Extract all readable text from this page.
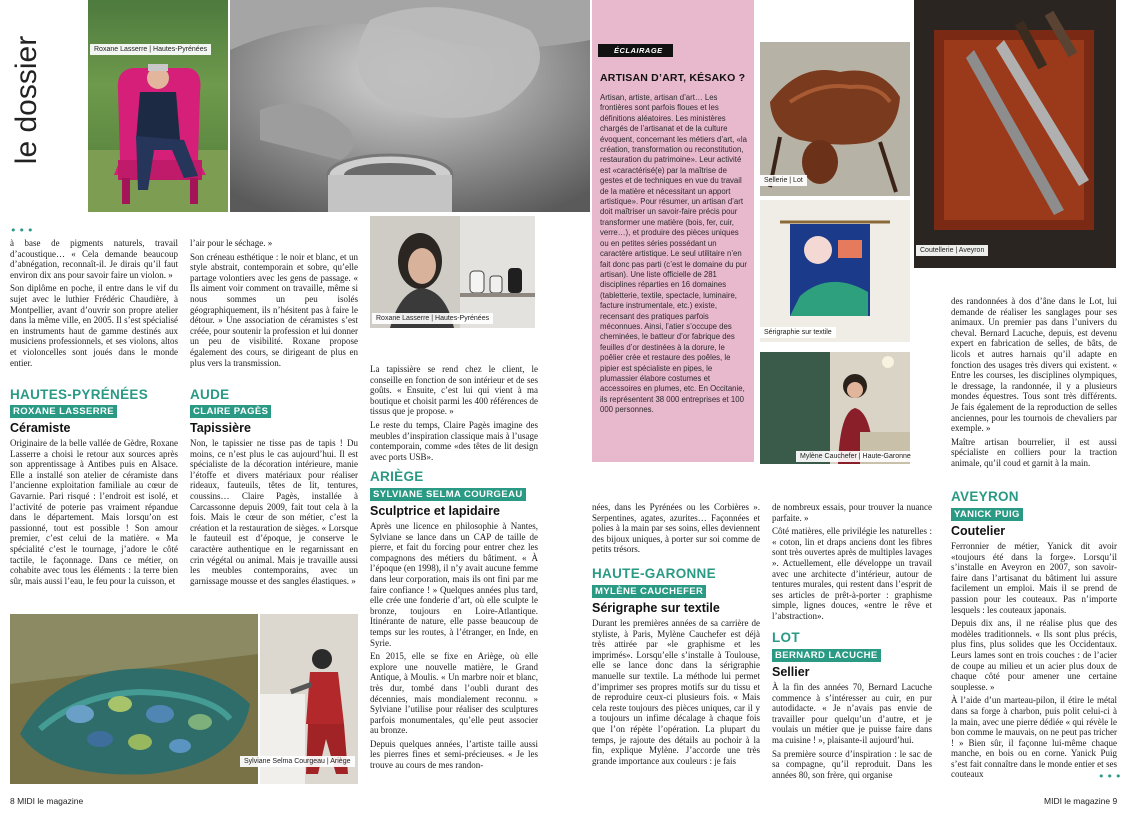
le dossier	Roxane Lasserre | Hautes-Pyrénées
•••

à base de pigments naturels, travail d’acoustique… « Cela demande beaucoup d’abnégation, reconnaît-il. Je dirais qu’il faut environ dix ans pour savoir faire un violon. »

Son diplôme en poche, il entre dans le vif du sujet avec le luthier Frédéric Chaudière, à Montpellier, avant d’ouvrir son propre atelier dans la même ville, en 2005. Il s’est spécialisé en instruments haut de gamme destinés aux musiciens professionnels, et ses violons, altos et violoncelles sont joués dans le monde entier.

HAUTES-PYRÉNÉES
ROXANE LASSERRE
Céramiste
Originaire de la belle vallée de Gèdre, Roxane Lasserre a choisi le retour aux sources après son apprentissage à Antibes puis en Alsace. Elle a installé son atelier de céramiste dans l’ancienne exploitation familiale au cœur de Gavarnie. Pari risqué : l’endroit est isolé, et l’activité de poterie pas vraiment répandue dans le département. Mais lorsqu’on est passionné, tout est possible ! Son amour premier, c’est celui de la matière. « Ma spécialité c’est le tournage, j’adore le côté tactile, le façonnage. Dans ce métier, on cohabite avec tous les éléments : la terre bien sûr, mais aussi l’eau, le feu pour la cuisson, et

l’air pour le séchage. »

Son créneau esthétique : le noir et blanc, et un style abstrait, contemporain et sobre, qu’elle partage volontiers avec les gens de passage. « Ils aiment voir comment on travaille, même si nous sommes un peu isolés géographiquement, ils n’hésitent pas à faire le détour. » Une association de céramistes s’est créée, pour soutenir la profession et lui donner un peu de visibilité. Roxane propose également des cours, se dirigeant de plus en plus vers la transmission.

AUDE
CLAIRE PAGÈS
Tapissière
Non, le tapissier ne tisse pas de tapis ! Du moins, ce n’est plus le cas aujourd’hui. Il est spécialiste de la décoration intérieure, manie l’étoffe et divers matériaux pour réaliser rideaux, fauteuils, têtes de lit, tentures, coussins… Claire Pagès, installée à Carcassonne depuis 2009, fait tout cela à la fois. Mais le cœur de son métier, c’est la création et la restauration de sièges. « Lorsque le fauteuil est d’époque, je conserve le caractère authentique en le regarnissant en crin végétal ou animal. Mais je travaille aussi les meubles contemporains, avec un garnissage mousse et des sangles élastiques. »
Roxane Lasserre | Hautes-Pyrénées

La tapissière se rend chez le client, le conseille en fonction de son intérieur et de ses goûts. « Ensuite, c’est lui qui vient à ma boutique et choisit parmi les 400 références de tissus que je propose. »

Le reste du temps, Claire Pagès imagine des meubles d’inspiration classique mais à l’usage contemporain, comme «des têtes de lit design avec ports USB».

ARIÈGE
SYLVIANE SELMA COURGEAU
Sculptrice et lapidaire

Après une licence en philosophie à Nantes, Sylviane se lance dans un CAP de taille de pierre, et fait du forcing pour entrer chez les compagnons des métiers du bâtiment. « À l’époque (en 1998), il n’y avait aucune femme dans leur corporation, mais ils ont fini par me faire confiance ! » Quelques années plus tard, elle crée une fonderie d’art, où elle sculpte le bronze, toujours en Loire-Atlantique. Itinérante de nature, elle passe beaucoup de temps sur les routes, à l’étranger, en Inde, en Syrie.

En 2015, elle se fixe en Ariège, où elle explore une nouvelle matière, le Grand Antique, à Moulis. « Un marbre noir et blanc, très dur, tombé dans l’oubli durant des décennies, mais mondialement reconnu. » Sylviane l’utilise pour réaliser des sculptures parfois monumentales, qu’elle peut associer au bronze.

Depuis quelques années, l’artiste taille aussi les pierres fines et semi-précieuses. « Je les trouve au cours de mes randon-

Sylviane Selma Courgeau | Ariège
8 MIDI le magazine
ÉCLAIRAGE
ARTISAN D’ART, KÉSAKO ?
Artisan, artiste, artisan d’art… Les frontières sont parfois floues et les définitions aléatoires. Les ministères chargés de l’artisanat et de la culture évoquent, concernant les métiers d’art, «la création, transformation ou reconstitution, restauration du patrimoine». Leur activité est «caractérisé(e) par la maîtrise de gestes et de techniques en vue du travail de la matière et nécessitant un apport artistique». Pour résumer, un artisan d’art doit maîtriser un savoir-faire précis pour transformer une matière (bois, fer, cuir, verre…), et produire des pièces uniques ou en petites séries possédant un caractère artistique. Le seul utilitaire n’en fait donc pas parti (c’est le domaine du pur artisan). Une liste officielle de 281 disciplines réparties en 16 domaines (tabletterie, textile, spectacle, luminaire, facture instrumentale, etc.) existe, recensant des pratiques parfois méconnues. Ainsi, l’atier s’occupe des cheminées, le batteur d’or fabrique des feuilles d’or destinées à la dorure, le poêlier crée et restaure des poêles, le pipier est spécialiste en pipes, le plumassier élabore costumes et accessoires en plumes, etc. En Occitanie, ils représentent 38 000 entreprises et 100 000 personnes.
Sellerie | Lot
Coutellerie | Aveyron
Sérigraphie sur textile
Mylène Cauchefer | Haute-Garonne
nées, dans les Pyrénées ou les Corbières ». Serpentines, agates, azurites… Façonnées et polies à la main par ses soins, elles deviennent des bijoux uniques, à porter sur soi comme de petits trésors.
HAUTE-GARONNE
MYLÈNE CAUCHEFER
Sérigraphe sur textile
Durant les premières années de sa carrière de styliste, à Paris, Mylène Cauchefer est déjà très attirée par «le graphisme et les imprimés». Lorsqu’elle s’installe à Toulouse, elle se lance donc dans la sérigraphie manuelle sur textile. La méthode lui permet d’imprimer ses propres motifs sur du tissu et de reproduire ceux-ci plusieurs fois. « Mais cela reste toujours des pièces uniques, car il y a toujours un infime décalage à chaque fois que l’on répète l’opération. La plupart du temps, je rajoute des détails au pochoir à la fin, explique Mylène. J’accorde une très grande importance aux couleurs : je fais

de nombreux essais, pour trouver la nuance parfaite. »

Côté matières, elle privilégie les naturelles : « coton, lin et draps anciens dont les fibres sont très ouvertes après de multiples lavages ». Actuellement, elle développe un travail avec une architecte d’intérieur, autour de tentures murales, qui restent dans l’esprit de ses articles de prêt-à-porter : graphisme simple, lignes douces, «entre le rêve et l’abstraction».

LOT
BERNARD LACUCHE
Sellier

À la fin des années 70, Bernard Lacuche commence à s’intéresser au cuir, en pur autodidacte. « Je n’avais pas envie de travailler pour quelqu’un d’autre, et je voulais un métier que je puisse faire dans ma cuisine ! », plaisante-il aujourd’hui.

Sa première source d’inspiration : le sac de sa compagne, qu’il reproduit. Dans les années 80, son frère, qui organise

des randonnées à dos d’âne dans le Lot, lui demande de réaliser les sanglages pour ses animaux. Un premier pas dans l’univers du cheval. Bernard Lacuche, depuis, est devenu expert en fabrication de selles, de bâts, de licols et autres harnais qu’il adapte en fonction des usages très divers qui existent. « Entre les courses, les disciplines olympiques, le dressage, la randonnée, il y a plusieurs mondes équestres. Tous sont très différents. Je fais également de la reproduction de selles anciennes, pour les tournois de chevaliers par exemple. »

Maître artisan bourrelier, il est aussi spécialiste en colliers pour la traction animale, qu’il coud et garnit à la main.

AVEYRON
YANICK PUIG
Coutelier

Ferronnier de métier, Yanick dit avoir «toujours été dans la forge». Lorsqu’il s’installe en Aveyron en 2007, son savoir-faire dans l’artisanat du bâtiment lui assure facilement un emploi. Mais il se prend de passion pour les couteaux. Pas n’importe lesquels : les couteaux japonais.

Depuis dix ans, il ne réalise plus que des modèles traditionnels. « Ils sont plus précis, plus fins, plus solides que les Occidentaux. Leurs lames sont en trois couches : de l’acier de coupe au milieu et un acier plus doux de chaque côté pour amener une certaine souplesse. »

À l’aide d’un marteau-pilon, il étire le métal dans sa forge à charbon, puis polit celui-ci à la main, avec une pierre dédiée « qui révèle le bon comme le mauvais, on ne peut pas tricher ! » Bien sûr, il façonne lui-même chaque manche, en bois ou en corne. Yanick Puig s’est fait connaître dans le monde entier et ses couteaux	•••
MIDI le magazine 9
